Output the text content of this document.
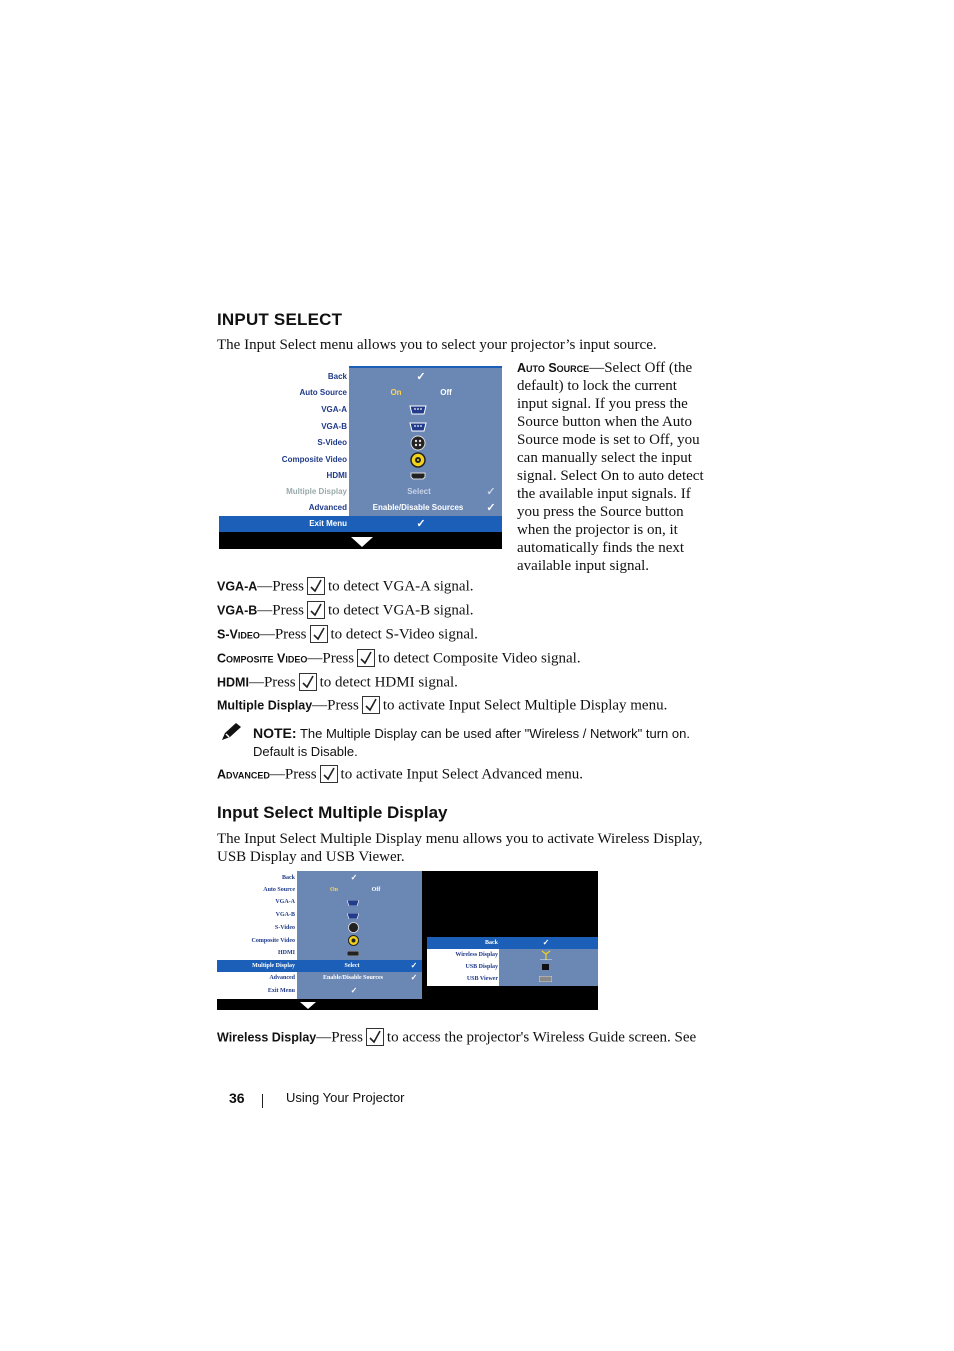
INPUT SELECT
The Input Select menu allows you to select your projector’s input source.
Back	✓
Auto Source	On	Off
VGA-A
VGA-B
S-Video
Composite Video
HDMI
Multiple Display	Select	✓
Advanced	Enable/Disable Sources	✓
Exit Menu	✓
Auto Source—Select Off (the
default) to lock the current
input signal. If you press the
Source button when the Auto
Source mode is set to Off, you
can manually select the input
signal. Select On to auto detect
the available input signals. If
you press the Source button
when the projector is on, it
automatically finds the next
available input signal.
VGA-A—Press to detect VGA-A signal.
VGA-B—Press to detect VGA-B signal.
S-Video—Press to detect S-Video signal.
Composite Video—Press to detect Composite Video signal.
HDMI—Press to detect HDMI signal.
Multiple Display—Press to activate Input Select Multiple Display menu.
NOTE: The Multiple Display can be used after "Wireless / Network" turn on.
Default is Disable.
Advanced—Press to activate Input Select Advanced menu.
Input Select Multiple Display
The Input Select Multiple Display menu allows you to activate Wireless Display,
USB Display and USB Viewer.
Back	✓
Auto Source	On	Off
VGA-A
VGA-B
S-Video
Composite Video
HDMI
Multiple Display	Select	✓
Advanced	Enable/Disable Sources	✓
Exit Menu	✓
Back	✓
Wireless Display
USB Display
USB Viewer
Wireless Display—Press to access the projector's Wireless Guide screen. See
36	Using Your Projector
